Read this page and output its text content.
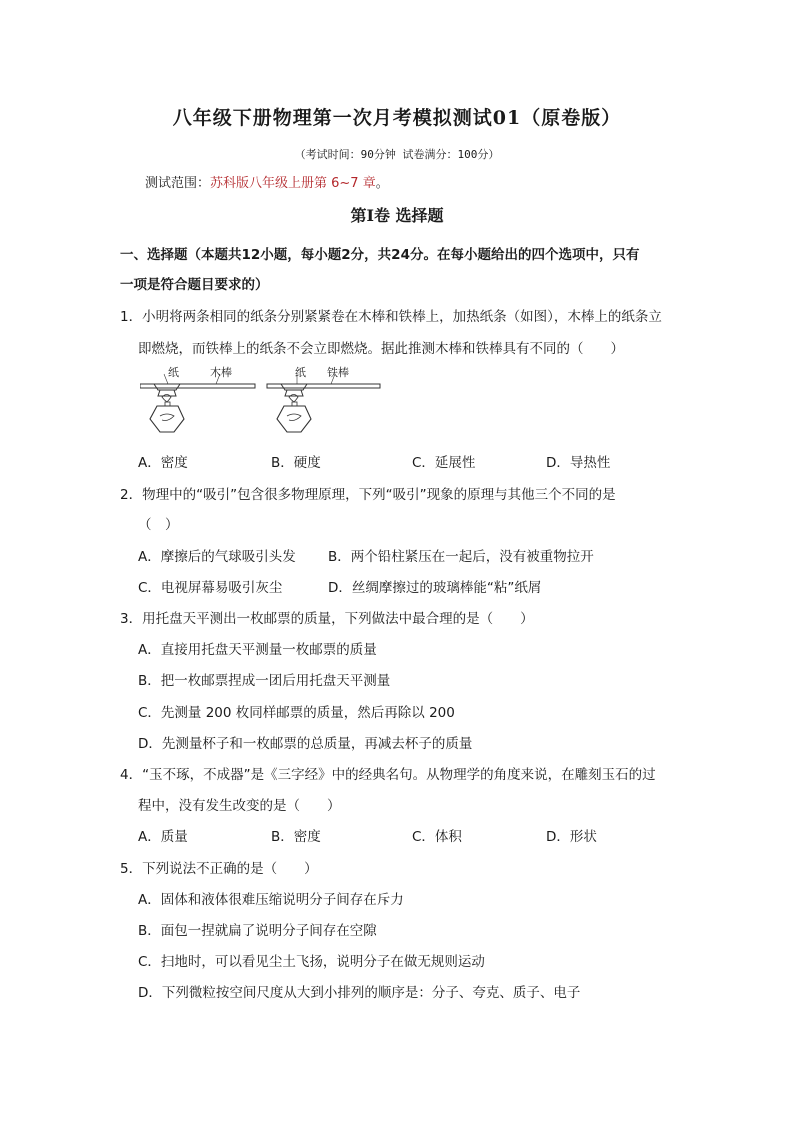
八年级下册物理第一次月考模拟测试01（原卷版）
（考试时间：90分钟 试卷满分：100分）
测试范围：苏科版八年级上册第 6~7 章。
第Ⅰ卷 选择题
一、选择题（本题共12小题，每小题2分，共24分。在每小题给出的四个选项中，只有
一项是符合题目要求的）
1．小明将两条相同的纸条分别紧紧卷在木棒和铁棒上，加热纸条（如图），木棒上的纸条立
即燃烧，而铁棒上的纸条不会立即燃烧。据此推测木棒和铁棒具有不同的（　　）
纸	木棒	纸 铁棒
A．密度	B．硬度	C．延展性	D．导热性
2．物理中的“吸引”包含很多物理原理，下列“吸引”现象的原理与其他三个不同的是
（　）
A．摩擦后的气球吸引头发 B．两个铅柱紧压在一起后，没有被重物拉开
C．电视屏幕易吸引灰尘	D．丝绸摩擦过的玻璃棒能“粘”纸屑
3．用托盘天平测出一枚邮票的质量，下列做法中最合理的是（　　）
A．直接用托盘天平测量一枚邮票的质量
B．把一枚邮票捏成一团后用托盘天平测量
C．先测量 200 枚同样邮票的质量，然后再除以 200
D．先测量杯子和一枚邮票的总质量，再减去杯子的质量
4．“玉不琢，不成器”是《三字经》中的经典名句。从物理学的角度来说，在雕刻玉石的过
程中，没有发生改变的是（　　）
A．质量	B．密度	C．体积	D．形状
5．下列说法不正确的是（　　）
A．固体和液体很难压缩说明分子间存在斥力
B．面包一捏就扁了说明分子间存在空隙
C．扫地时，可以看见尘土飞扬，说明分子在做无规则运动
D．下列微粒按空间尺度从大到小排列的顺序是：分子、夸克、质子、电子
